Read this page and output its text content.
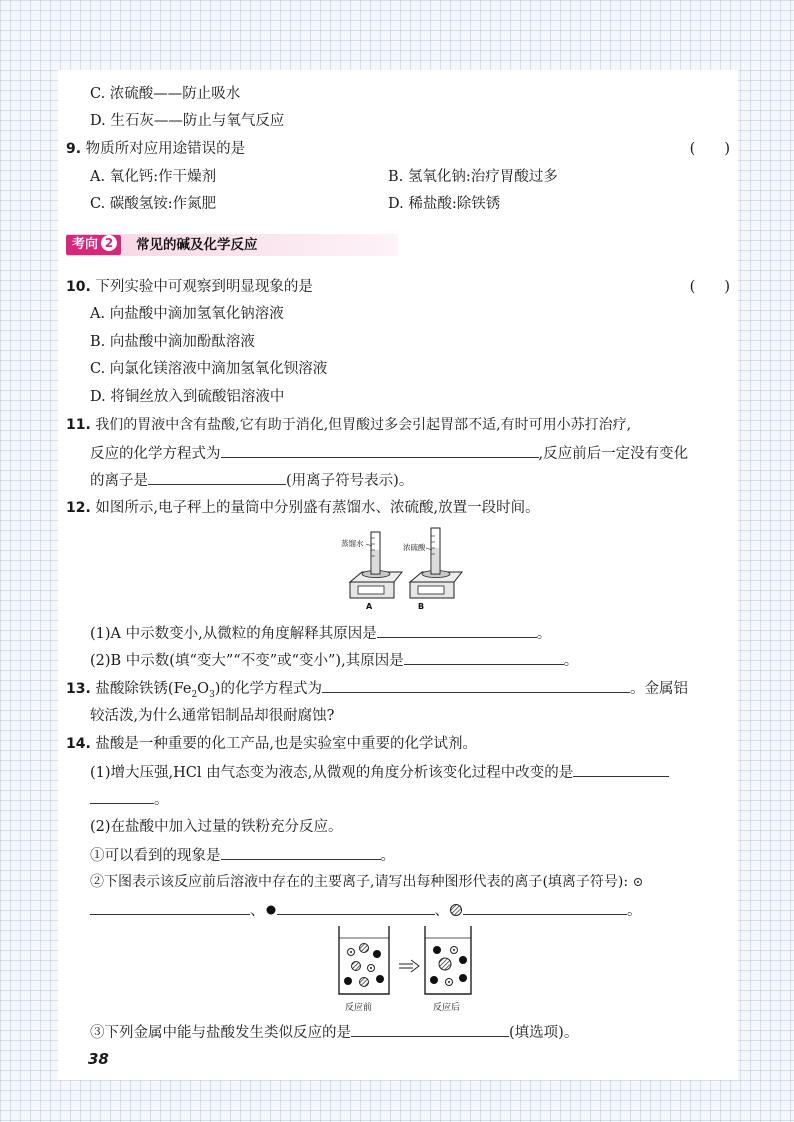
C. 浓硫酸——防止吸水
D. 生石灰——防止与氧气反应
9. 物质所对应用途错误的是	(　　)
A. 氧化钙:作干燥剂	B. 氢氧化钠:治疗胃酸过多
C. 碳酸氢铵:作氮肥	D. 稀盐酸:除铁锈
考向 2	常见的碱及化学反应
10. 下列实验中可观察到明显现象的是	(　　)
A. 向盐酸中滴加氢氧化钠溶液
B. 向盐酸中滴加酚酞溶液
C. 向氯化镁溶液中滴加氢氧化钡溶液
D. 将铜丝放入到硫酸铝溶液中
11. 我们的胃液中含有盐酸,它有助于消化,但胃酸过多会引起胃部不适,有时可用小苏打治疗,
反应的化学方程式为	,反应前后一定没有变化
的离子是	(用离子符号表示)。
12. 如图所示,电子秤上的量筒中分别盛有蒸馏水、浓硫酸,放置一段时间。
蒸馏水
A
浓硫酸
B
(1)A 中示数变小,从微粒的角度解释其原因是	。
(2)B 中示数(填“变大”“不变”或“变小”),其原因是	。
13. 盐酸除铁锈$(Fe_2O_3)$的化学方程式为	。金属铝
较活泼,为什么通常铝制品却很耐腐蚀?
14. 盐酸是一种重要的化工产品,也是实验室中重要的化学试剂。
(1)增大压强,HCl 由气态变为液态,从微观的角度分析该变化过程中改变的是
。
(2)在盐酸中加入过量的铁粉充分反应。
①可以看到的现象是	。
②下图表示该反应前后溶液中存在的主要离子,请写出每种图形代表的离子(填离子符号):
、	、	。
反应前	反应后
③下列金属中能与盐酸发生类似反应的是	(填选项)。
38
